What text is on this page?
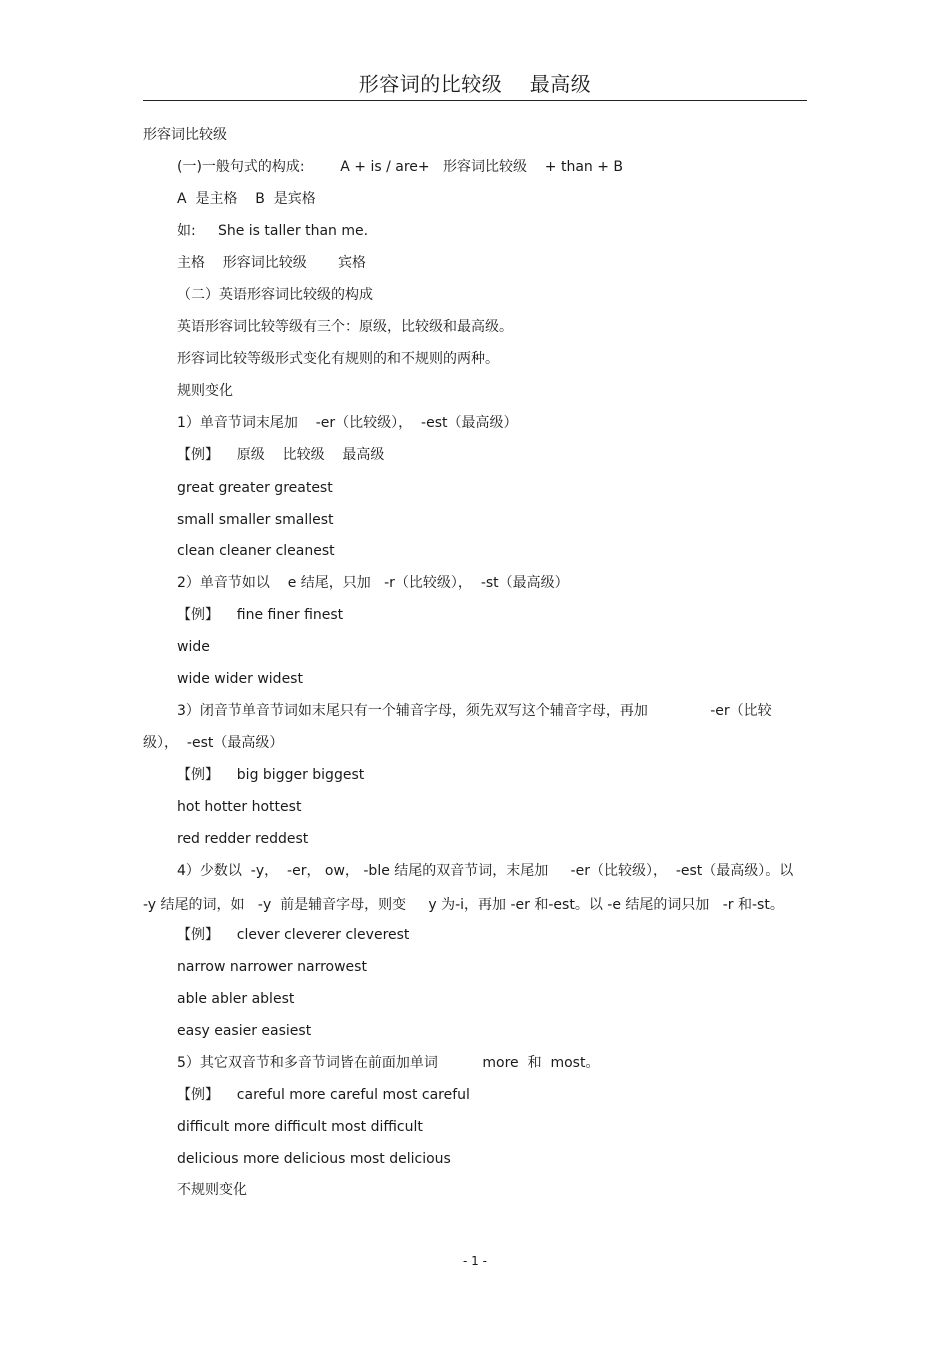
形容词的比较级    最高级
形容词比较级
(一)一般句式的构成:        A + is / are+   形容词比较级    + than + B
A  是主格    B  是宾格
如:     She is taller than me.
主格    形容词比较级       宾格
（二）英语形容词比较级的构成
英语形容词比较等级有三个：原级，比较级和最高级。
形容词比较等级形式变化有规则的和不规则的两种。
规则变化
1）单音节词末尾加    -er（比较级），  -est（最高级）
【例】    原级    比较级    最高级
great greater greatest
small smaller smallest
clean cleaner cleanest
2）单音节如以    e 结尾，只加   -r（比较级），  -st（最高级）
【例】    fine finer finest
wide
wide wider widest
3）闭音节单音节词如末尾只有一个辅音字母，须先双写这个辅音字母，再加              -er（比较
级），  -est（最高级）
【例】    big bigger biggest
hot hotter hottest
red redder reddest
4）少数以  -y，  -er， ow， -ble 结尾的双音节词，末尾加     -er（比较级），  -est（最高级）。以
-y 结尾的词，如   -y  前是辅音字母，则变     y 为-i，再加 -er 和-est。以 -e 结尾的词只加   -r 和-st。
【例】    clever cleverer cleverest
narrow narrower narrowest
able abler ablest
easy easier easiest
5）其它双音节和多音节词皆在前面加单词          more  和  most。
【例】    careful more careful most careful
difficult more difficult most difficult
delicious more delicious most delicious
不规则变化
- 1 -
